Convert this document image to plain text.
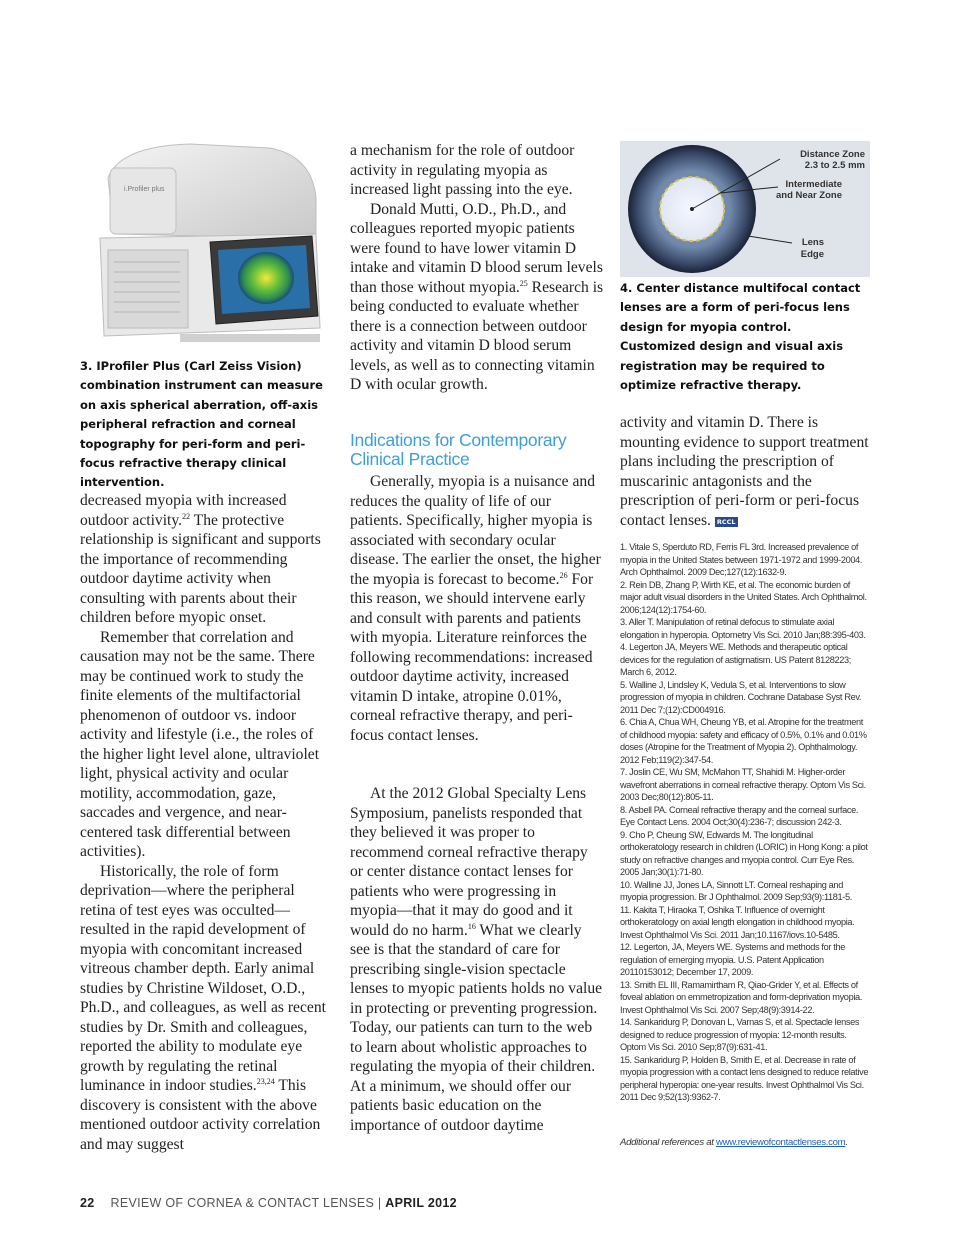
i.Profiler plus
3. IProfiler Plus (Carl Zeiss Vision) combination instrument can measure on axis spherical aberration, off-axis peripheral refraction and corneal topography for peri-form and peri-focus refractive therapy clinical intervention.

decreased myopia with increased outdoor activity.$^{22}$ The protective relationship is significant and supports the importance of recommending outdoor daytime activity when consulting with parents about their children before myopic onset.

Remember that correlation and causation may not be the same. There may be continued work to study the finite elements of the multifactorial phenomenon of outdoor vs. indoor activity and lifestyle (i.e., the roles of the higher light level alone, ultraviolet light, physical activity and ocular motility, accommodation, gaze, saccades and vergence, and near-centered task differential between activities).

Historically, the role of form deprivation—where the peripheral retina of test eyes was occulted—resulted in the rapid development of myopia with concomitant increased vitreous chamber depth. Early animal studies by Christine Wildoset, O.D., Ph.D., and colleagues, as well as recent studies by Dr. Smith and colleagues, reported the ability to modulate eye growth by regulating the retinal luminance in indoor studies.$^{23,24}$ This discovery is consistent with the above mentioned outdoor activity correlation and may suggest

a mechanism for the role of outdoor activity in regulating myopia as increased light passing into the eye.

Donald Mutti, O.D., Ph.D., and colleagues reported myopic patients were found to have lower vitamin D intake and vitamin D blood serum levels than those without myopia.$^{25}$ Research is being conducted to evaluate whether there is a connection between outdoor activity and vitamin D blood serum levels, as well as to connecting vitamin D with ocular growth.

Indications for Contemporary Clinical Practice

Generally, myopia is a nuisance and reduces the quality of life of our patients. Specifically, higher myopia is associated with secondary ocular disease. The earlier the onset, the higher the myopia is forecast to become.$^{26}$ For this reason, we should intervene early and consult with parents and patients with myopia. Literature reinforces the following recommendations: increased outdoor daytime activity, increased vitamin D intake, atropine 0.01%, corneal refractive therapy, and peri-focus contact lenses.

At the 2012 Global Specialty Lens Symposium, panelists responded that they believed it was proper to recommend corneal refractive therapy or center distance contact lenses for patients who were progressing in myopia—that it may do good and it would do no harm.$^{16}$ What we clearly see is that the standard of care for prescribing single-vision spectacle lenses to myopic patients holds no value in protecting or preventing progression. Today, our patients can turn to the web to learn about wholistic approaches to regulating the myopia of their children. At a minimum, we should offer our patients basic education on the importance of outdoor daytime

Distance Zone
2.3 to 2.5 mm
Intermediate
and Near Zone
Lens
Edge
4. Center distance multifocal contact lenses are a form of peri-focus lens design for myopia control. Customized design and visual axis registration may be required to optimize refractive therapy.

activity and vitamin D. There is mounting evidence to support treatment plans including the prescription of muscarinic antagonists and the prescription of peri-form or peri-focus contact lenses. RCCL

1. Vitale S, Sperduto RD, Ferris FL 3rd. Increased prevalence of myopia in the United States between 1971-1972 and 1999-2004. Arch Ophthalmol. 2009 Dec;127(12):1632-9.
2. Rein DB, Zhang P, Wirth KE, et al. The economic burden of major adult visual disorders in the United States. Arch Ophthalmol. 2006;124(12):1754-60.
3. Aller T. Manipulation of retinal defocus to stimulate axial elongation in hyperopia. Optometry Vis Sci. 2010 Jan;88:395-403.
4. Legerton JA, Meyers WE. Methods and therapeutic optical devices for the regulation of astigmatism. US Patent 8128223; March 6, 2012.
5. Walline J, Lindsley K, Vedula S, et al. Interventions to slow progression of myopia in children. Cochrane Database Syst Rev. 2011 Dec 7;(12):CD004916.
6. Chia A, Chua WH, Cheung YB, et al. Atropine for the treatment of childhood myopia: safety and efficacy of 0.5%, 0.1% and 0.01% doses (Atropine for the Treatment of Myopia 2). Ophthalmology. 2012 Feb;119(2):347-54.
7. Joslin CE, Wu SM, McMahon TT, Shahidi M. Higher-order wavefront aberrations in corneal refractive therapy. Optom Vis Sci. 2003 Dec;80(12):805-11.
8. Asbell PA. Corneal refractive therapy and the corneal surface. Eye Contact Lens. 2004 Oct;30(4):236-7; discussion 242-3.
9. Cho P, Cheung SW, Edwards M. The longitudinal orthokeratology research in children (LORIC) in Hong Kong: a pilot study on refractive changes and myopia control. Curr Eye Res. 2005 Jan;30(1):71-80.
10. Walline JJ, Jones LA, Sinnott LT. Corneal reshaping and myopia progression. Br J Ophthalmol. 2009 Sep;93(9):1181-5.
11. Kakita T, Hiraoka T, Oshika T. Influence of overnight orthokeratology on axial length elongation in childhood myopia. Invest Ophthalmol Vis Sci. 2011 Jan;10.1167/iovs.10-5485.
12. Legerton, JA, Meyers WE. Systems and methods for the regulation of emerging myopia. U.S. Patent Application 20110153012; December 17, 2009.
13. Smith EL III, Ramamirtham R, Qiao-Grider Y, et al. Effects of foveal ablation on emmetropization and form-deprivation myopia. Invest Ophthalmol Vis Sci. 2007 Sep;48(9):3914-22.
14. Sankaridurg P, Donovan L, Varnas S, et al. Spectacle lenses designed to reduce progression of myopia: 12-month results. Optom Vis Sci. 2010 Sep;87(9):631-41.
15. Sankaridurg P, Holden B, Smith E, et al. Decrease in rate of myopia progression with a contact lens designed to reduce relative peripheral hyperopia: one-year results. Invest Ophthalmol Vis Sci. 2011 Dec 9;52(13):9362-7.
Additional references at www.reviewofcontactlenses.com.
22 REVIEW OF CORNEA & CONTACT LENSES | APRIL 2012
